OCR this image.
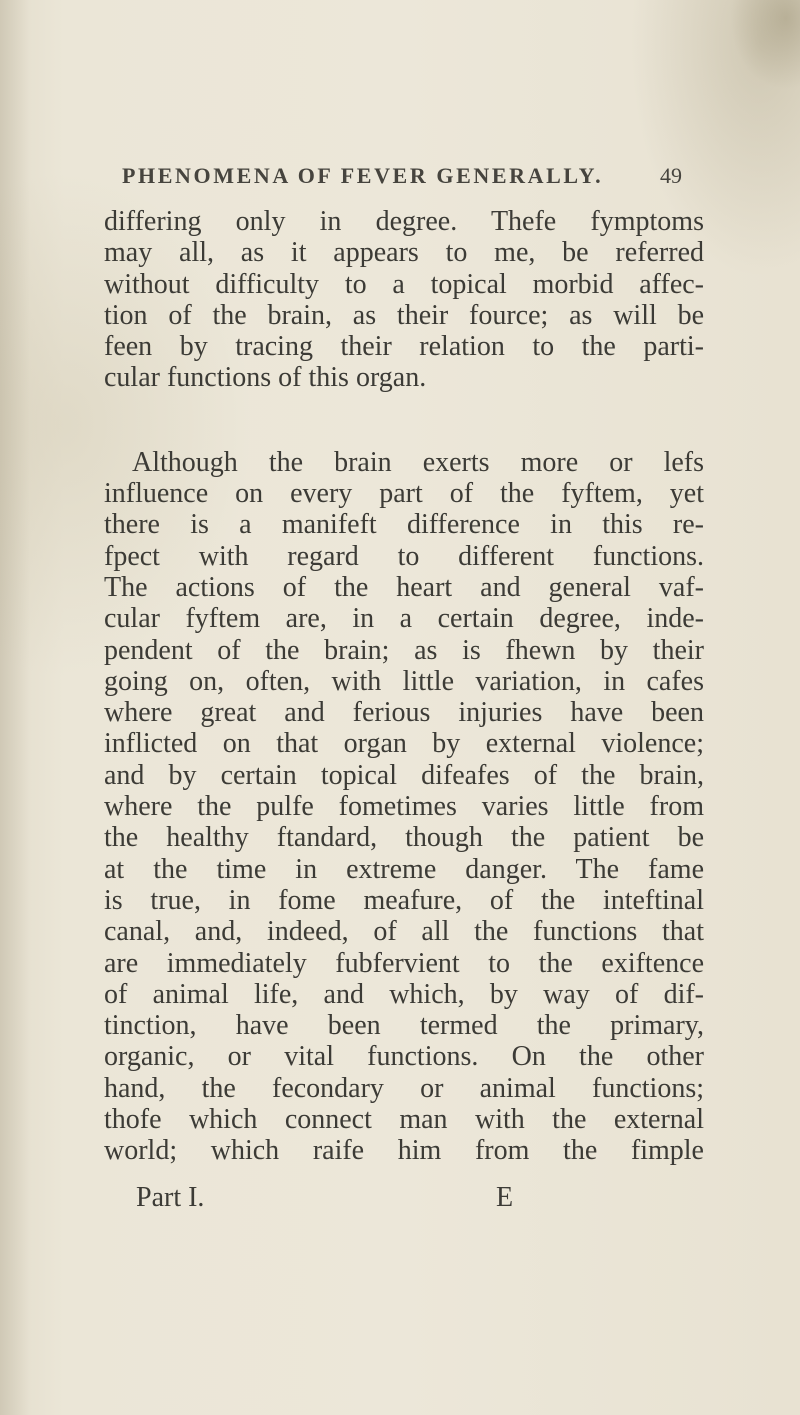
PHENOMENA OF FEVER GENERALLY.	49
differing only in degree. Thefe fymptoms
may all, as it appears to me, be referred
without difficulty to a topical morbid affec-
tion of the brain, as their fource; as will be
feen by tracing their relation to the parti-
cular functions of this organ.
Although the brain exerts more or lefs
influence on every part of the fyftem, yet
there is a manifeft difference in this re-
fpect with regard to different functions.
The actions of the heart and general vaf-
cular fyftem are, in a certain degree, inde-
pendent of the brain; as is fhewn by their
going on, often, with little variation, in cafes
where great and ferious injuries have been
inflicted on that organ by external violence;
and by certain topical difeafes of the brain,
where the pulfe fometimes varies little from
the healthy ftandard, though the patient be
at the time in extreme danger. The fame
is true, in fome meafure, of the inteftinal
canal, and, indeed, of all the functions that
are immediately fubfervient to the exiftence
of animal life, and which, by way of dif-
tinction, have been termed the primary,
organic, or vital functions. On the other
hand, the fecondary or animal functions;
thofe which connect man with the external
world; which raife him from the fimple
Part I.	E
